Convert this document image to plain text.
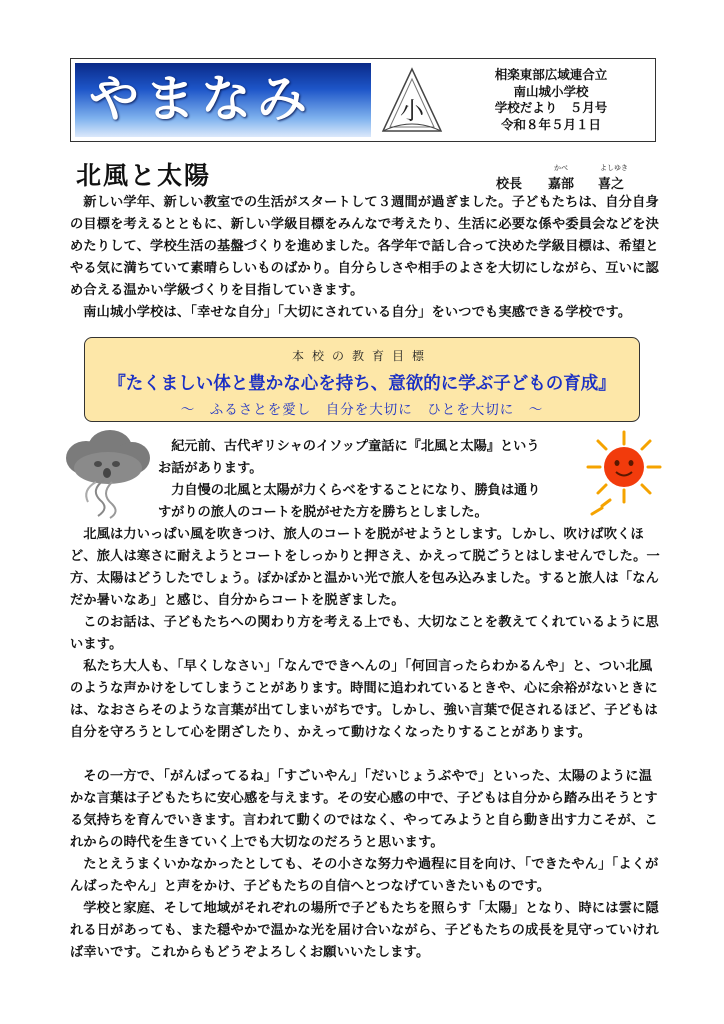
やまなみ	小
相楽東部広域連合立
南山城小学校
学校だより　５月号
令和８年５月１日
北風と太陽	校長
かべ
嘉部
よしゆき
喜之

新しい学年、新しい教室での生活がスタートして３週間が過ぎました。子どもたちは、自分自身の目標を考えるとともに、新しい学級目標をみんなで考えたり、生活に必要な係や委員会などを決めたりして、学校生活の基盤づくりを進めました。各学年で話し合って決めた学級目標は、希望とやる気に満ちていて素晴らしいものばかり。自分らしさや相手のよさを大切にしながら、互いに認め合える温かい学級づくりを目指していきます。

南山城小学校は、「幸せな自分」「大切にされている自分」をいつでも実感できる学校です。

本校の教育目標
『たくましい体と豊かな心を持ち、意欲的に学ぶ子どもの育成』
～　ふるさとを愛し　自分を大切に　ひとを大切に　～

紀元前、古代ギリシャのイソップ童話に『北風と太陽』というお話があります。

力自慢の北風と太陽が力くらべをすることになり、勝負は通りすがりの旅人のコートを脱がせた方を勝ちとしました。

北風は力いっぱい風を吹きつけ、旅人のコートを脱がせようとします。しかし、吹けば吹くほど、旅人は寒さに耐えようとコートをしっかりと押さえ、かえって脱ごうとはしませんでした。一方、太陽はどうしたでしょう。ぽかぽかと温かい光で旅人を包み込みました。すると旅人は「なんだか暑いなあ」と感じ、自分からコートを脱ぎました。

このお話は、子どもたちへの関わり方を考える上でも、大切なことを教えてくれているように思います。

私たち大人も、「早くしなさい」「なんでできへんの」「何回言ったらわかるんや」と、つい北風のような声かけをしてしまうことがあります。時間に追われているときや、心に余裕がないときには、なおさらそのような言葉が出てしまいがちです。しかし、強い言葉で促されるほど、子どもは自分を守ろうとして心を閉ざしたり、かえって動けなくなったりすることがあります。

その一方で、「がんばってるね」「すごいやん」「だいじょうぶやで」といった、太陽のように温かな言葉は子どもたちに安心感を与えます。その安心感の中で、子どもは自分から踏み出そうとする気持ちを育んでいきます。言われて動くのではなく、やってみようと自ら動き出す力こそが、これからの時代を生きていく上でも大切なのだろうと思います。

たとえうまくいかなかったとしても、その小さな努力や過程に目を向け、「できたやん」「よくがんばったやん」と声をかけ、子どもたちの自信へとつなげていきたいものです。

学校と家庭、そして地域がそれぞれの場所で子どもたちを照らす「太陽」となり、時には雲に隠れる日があっても、また穏やかで温かな光を届け合いながら、子どもたちの成長を見守っていければ幸いです。これからもどうぞよろしくお願いいたします。
